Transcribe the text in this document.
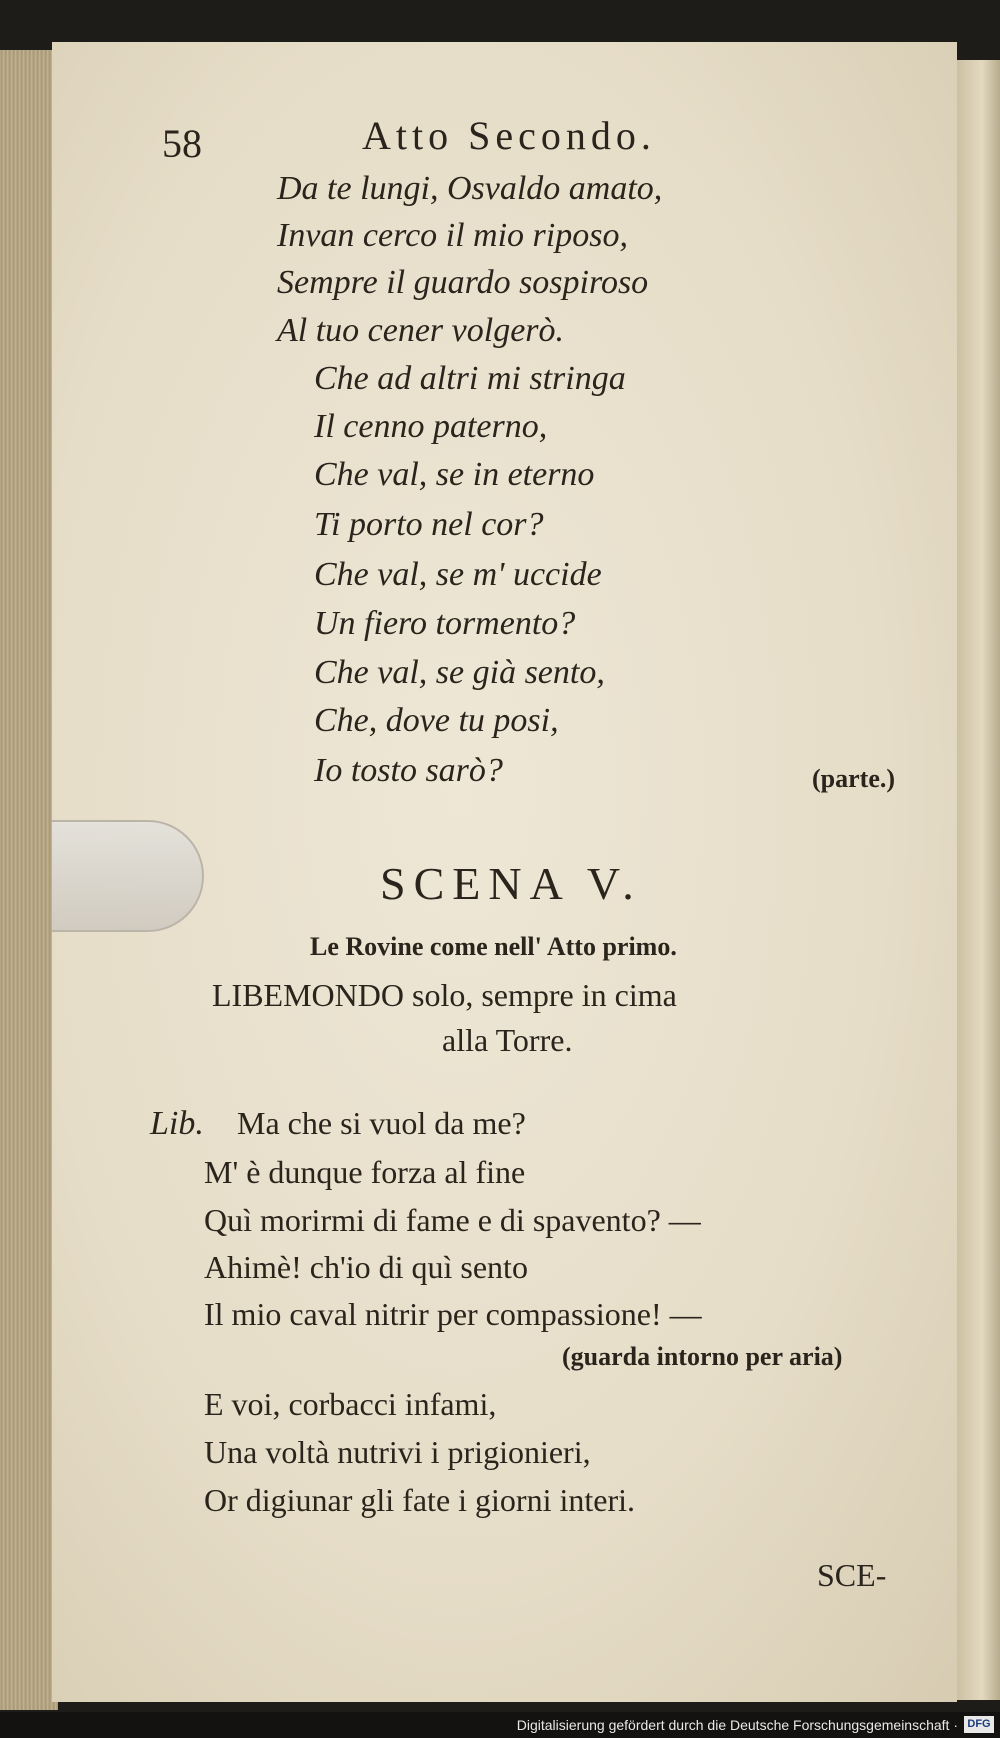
58	Atto Secondo.
Da te lungi, Osvaldo amato,
Invan cerco il mio riposo,
Sempre il guardo sospiroso
Al tuo cener volgerò.
Che ad altri mi stringa
Il cenno paterno,
Che val, se in eterno
Ti porto nel cor?
Che val, se m' uccide
Un fiero tormento?
Che val, se già sento,
Che, dove tu posi,
Io tosto sarò?	(parte.)
SCENA V.
Le Rovine come nell' Atto primo.
LIBEMONDO solo, sempre in cima
alla Torre.
Lib. Ma che si vuol da me?
M' è dunque forza al fine
Quì morirmi di fame e di spavento? —
Ahimè! ch'io di quì sento
Il mio caval nitrir per compassione! —
(guarda intorno per aria)
E voi, corbacci infami,
Una voltà nutrivi i prigionieri,
Or digiunar gli fate i giorni interi.
SCE-
Digitalisierung gefördert durch die Deutsche Forschungsgemeinschaft · DFG
